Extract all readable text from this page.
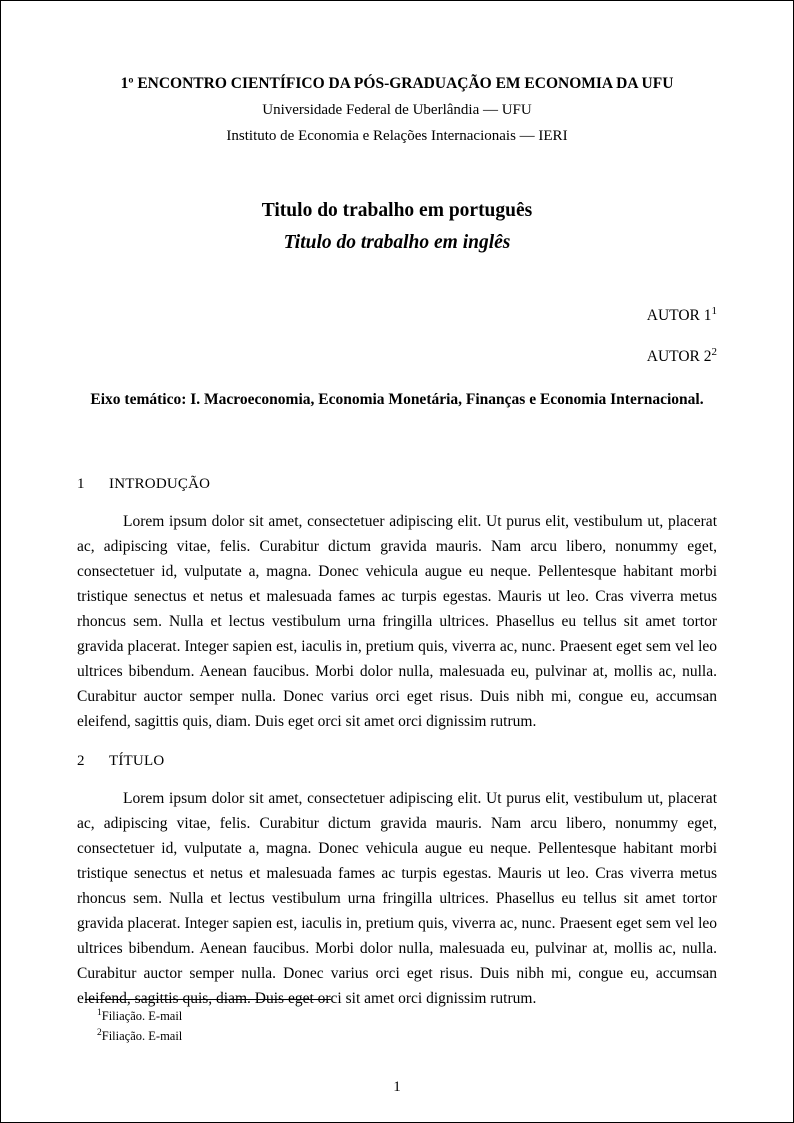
1º ENCONTRO CIENTÍFICO DA PÓS-GRADUAÇÃO EM ECONOMIA DA UFU
Universidade Federal de Uberlândia — UFU
Instituto de Economia e Relações Internacionais — IERI
Titulo do trabalho em português
Titulo do trabalho em inglês
AUTOR $1^1$
AUTOR $2^2$
Eixo temático: I. Macroeconomia, Economia Monetária, Finanças e Economia Internacional.
1 INTRODUÇÃO

Lorem ipsum dolor sit amet, consectetuer adipiscing elit. Ut purus elit, vestibulum ut, placerat ac, adipiscing vitae, felis. Curabitur dictum gravida mauris. Nam arcu libero, nonummy eget, consectetuer id, vulputate a, magna. Donec vehicula augue eu neque. Pellentesque habitant morbi tristique senectus et netus et malesuada fames ac turpis egestas. Mauris ut leo. Cras viverra metus rhoncus sem. Nulla et lectus vestibulum urna fringilla ultrices. Phasellus eu tellus sit amet tortor gravida placerat. Integer sapien est, iaculis in, pretium quis, viverra ac, nunc. Praesent eget sem vel leo ultrices bibendum. Aenean faucibus. Morbi dolor nulla, malesuada eu, pulvinar at, mollis ac, nulla. Curabitur auctor semper nulla. Donec varius orci eget risus. Duis nibh mi, congue eu, accumsan eleifend, sagittis quis, diam. Duis eget orci sit amet orci dignissim rutrum.

2 TÍTULO

Lorem ipsum dolor sit amet, consectetuer adipiscing elit. Ut purus elit, vestibulum ut, placerat ac, adipiscing vitae, felis. Curabitur dictum gravida mauris. Nam arcu libero, nonummy eget, consectetuer id, vulputate a, magna. Donec vehicula augue eu neque. Pellentesque habitant morbi tristique senectus et netus et malesuada fames ac turpis egestas. Mauris ut leo. Cras viverra metus rhoncus sem. Nulla et lectus vestibulum urna fringilla ultrices. Phasellus eu tellus sit amet tortor gravida placerat. Integer sapien est, iaculis in, pretium quis, viverra ac, nunc. Praesent eget sem vel leo ultrices bibendum. Aenean faucibus. Morbi dolor nulla, malesuada eu, pulvinar at, mollis ac, nulla. Curabitur auctor semper nulla. Donec varius orci eget risus. Duis nibh mi, congue eu, accumsan eleifend, sagittis quis, diam. Duis eget orci sit amet orci dignissim rutrum.

$^1$Filiação. E-mail
$^2$Filiação. E-mail
1
